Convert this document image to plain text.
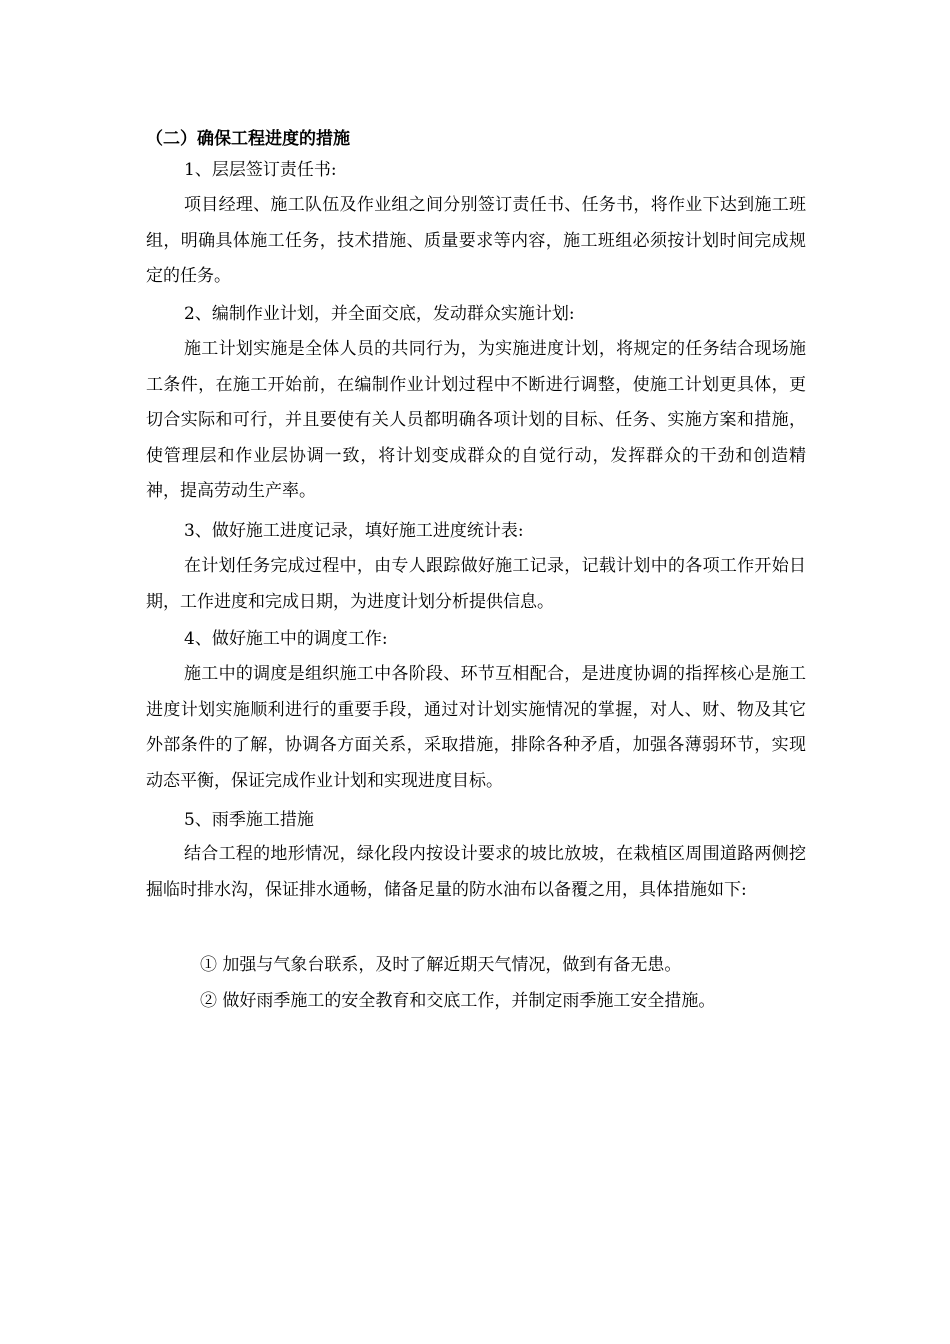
（二）确保工程进度的措施
1、层层签订责任书:
项目经理、施工队伍及作业组之间分别签订责任书、任务书，将作业下达到施工班组，明确具体施工任务，技术措施、质量要求等内容，施工班组必须按计划时间完成规定的任务。
2、编制作业计划，并全面交底，发动群众实施计划:
施工计划实施是全体人员的共同行为，为实施进度计划，将规定的任务结合现场施工条件，在施工开始前，在编制作业计划过程中不断进行调整，使施工计划更具体，更切合实际和可行，并且要使有关人员都明确各项计划的目标、任务、实施方案和措施，使管理层和作业层协调一致，将计划变成群众的自觉行动，发挥群众的干劲和创造精神，提高劳动生产率。
3、做好施工进度记录，填好施工进度统计表:
在计划任务完成过程中，由专人跟踪做好施工记录，记载计划中的各项工作开始日期，工作进度和完成日期，为进度计划分析提供信息。
4、做好施工中的调度工作:
施工中的调度是组织施工中各阶段、环节互相配合，是进度协调的指挥核心是施工进度计划实施顺利进行的重要手段，通过对计划实施情况的掌握，对人、财、物及其它外部条件的了解，协调各方面关系，采取措施，排除各种矛盾，加强各薄弱环节，实现动态平衡，保证完成作业计划和实现进度目标。
5、雨季施工措施
结合工程的地形情况，绿化段内按设计要求的坡比放坡，在栽植区周围道路两侧挖掘临时排水沟，保证排水通畅，储备足量的防水油布以备覆之用，具体措施如下:
① 加强与气象台联系，及时了解近期天气情况，做到有备无患。
② 做好雨季施工的安全教育和交底工作，并制定雨季施工安全措施。
